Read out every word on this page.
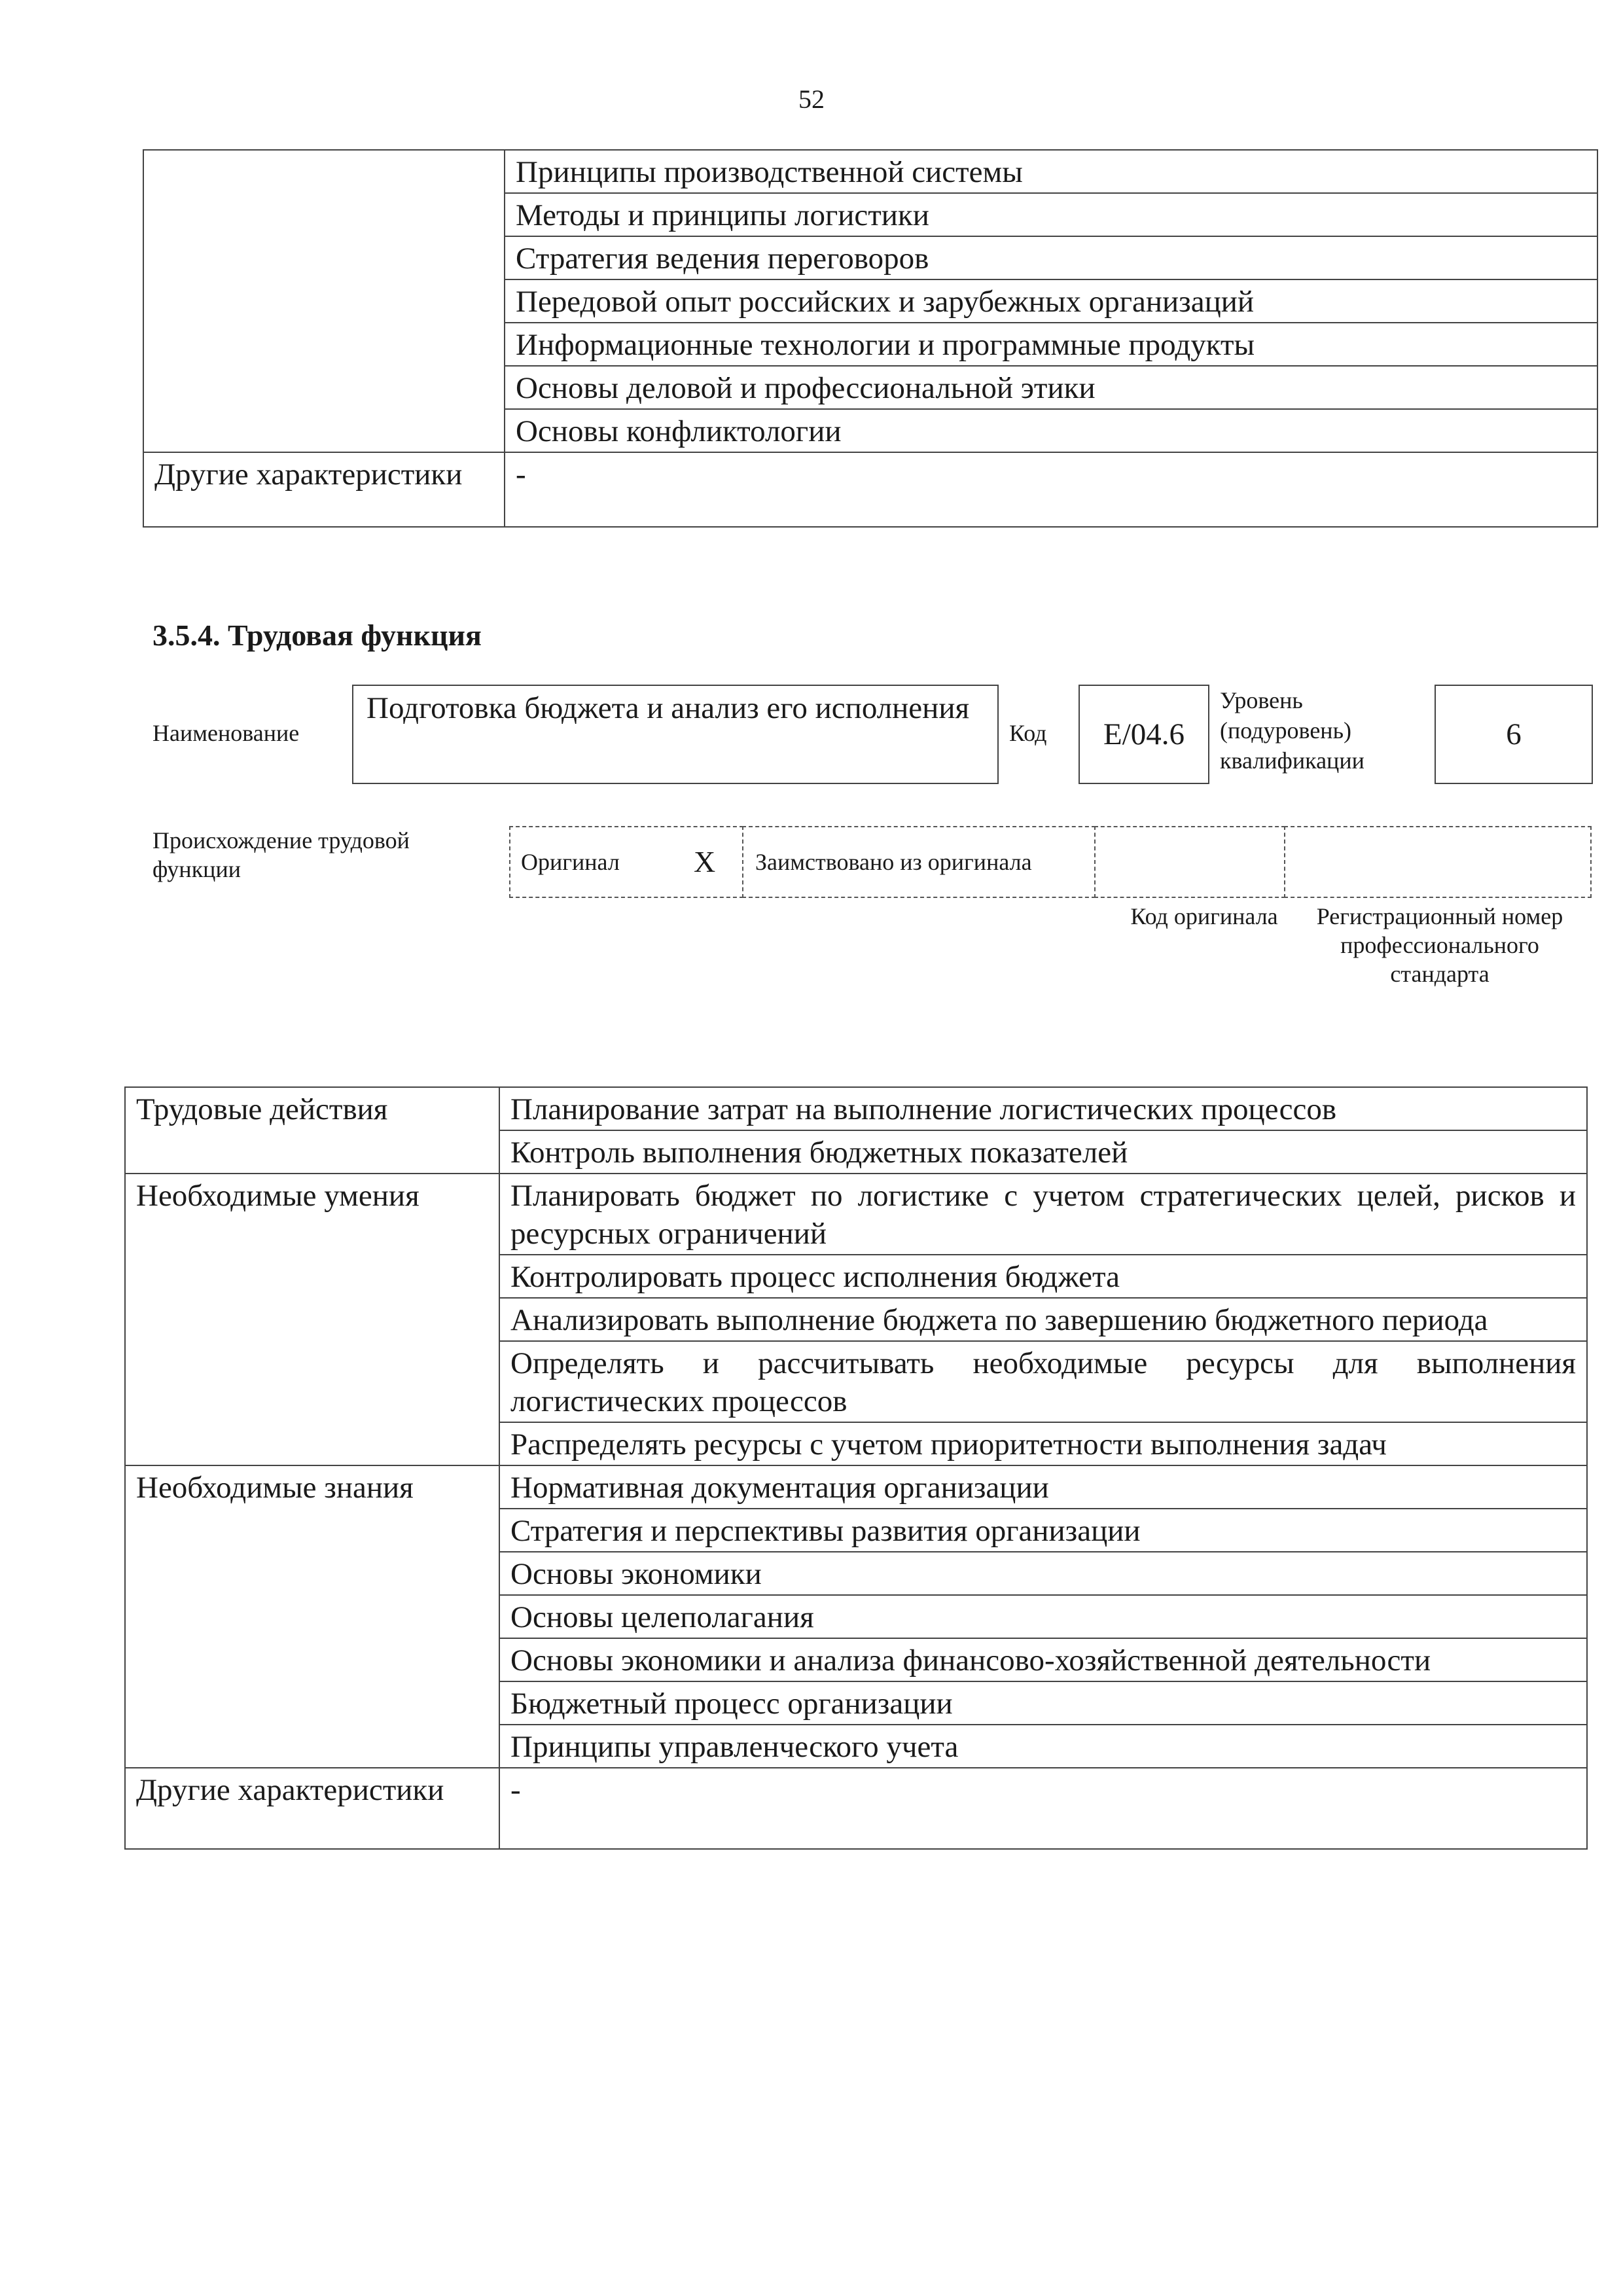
52
	Принципы производственной системы
	Методы и принципы логистики
	Стратегия ведения переговоров
	Передовой опыт российских и зарубежных организаций
	Информационные технологии и программные продукты
	Основы деловой и профессиональной этики
	Основы конфликтологии
Другие характеристики	-
3.5.4. Трудовая функция
Наименование
Подготовка бюджета и анализ его исполнения
Код	E/04.6
Уровень
(подуровень)
квалификации
6
Происхождение трудовой функции	Оригинал X	Заимствовано из оригинала
Код оригинала	Регистрационный номер профессионального стандарта
Трудовые действия	Планирование затрат на выполнение логистических процессов
	Контроль выполнения бюджетных показателей
Необходимые умения	Планировать бюджет по логистике с учетом стратегических целей, рисков и ресурсных ограничений
	Контролировать процесс исполнения бюджета
	Анализировать выполнение бюджета по завершению бюджетного периода
	Определять и рассчитывать необходимые ресурсы для выполнения логистических процессов
	Распределять ресурсы с учетом приоритетности выполнения задач
Необходимые знания	Нормативная документация организации
	Стратегия и перспективы развития организации
	Основы экономики
	Основы целеполагания
	Основы экономики и анализа финансово-хозяйственной деятельности
	Бюджетный процесс организации
	Принципы управленческого учета
Другие характеристики	-
